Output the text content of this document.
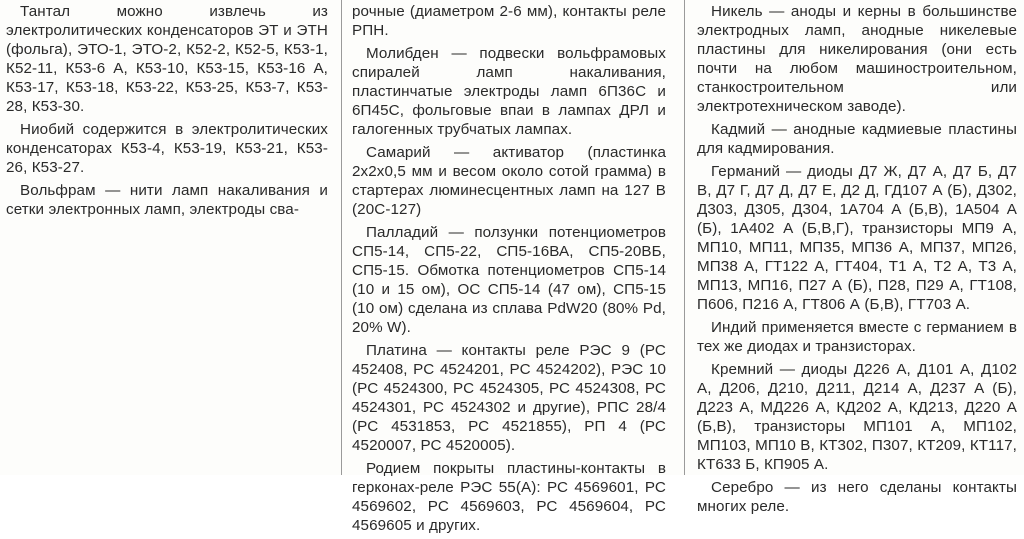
Тантал можно извлечь из электролитических конденсаторов ЭТ и ЭТН (фольга), ЭТО-1, ЭТО-2, К52-2, К52-5, К53-1, К52-11, К53-6 А, К53-10, К53-15, К53-16 А, К53-17, К53-18, К53-22, К53-25, К53-7, К53-28, К53-30.

Ниобий содержится в электролитических конденсаторах К53-4, К53-19, К53-21, К53-26, К53-27.

Вольфрам — нити ламп накаливания и сетки электронных ламп, электроды сва-

рочные (диаметром 2-6 мм), контакты реле РПН.

Молибден — подвески вольфрамовых спиралей ламп накаливания, пластинчатые электроды ламп 6П36С и 6П45С, фольговые впаи в лампах ДРЛ и галогенных трубчатых лампах.

Самарий — активатор (пластинка 2x2x0,5 мм и весом около сотой грамма) в стартерах люминесцентных ламп на 127 В (20С-127)

Палладий — ползунки потенциометров СП5-14, СП5-22, СП5-16ВА, СП5-20ВБ, СП5-15. Обмотка потенциометров СП5-14 (10 и 15 ом), ОС СП5-14 (47 ом), СП5-15 (10 ом) сделана из сплава PdW20 (80% Pd, 20% W).

Платина — контакты реле РЭС 9 (РС 452408, РС 4524201, РС 4524202), РЭС 10 (РС 4524300, РС 4524305, РС 4524308, РС 4524301, РС 4524302 и другие), РПС 28/4 (РС 4531853, РС 4521855), РП 4 (РС 4520007, РС 4520005).

Родием покрыты пластины-контакты в герконах-реле РЭС 55(А): РС 4569601, РС 4569602, РС 4569603, РС 4569604, РС 4569605 и других.

Никель — аноды и керны в большинстве электродных ламп, анодные никелевые пластины для никелирования (они есть почти на любом машиностроительном, станкостроительном или электротехническом заводе).

Кадмий — анодные кадмиевые пластины для кадмирования.

Германий — диоды Д7 Ж, Д7 А, Д7 Б, Д7 В, Д7 Г, Д7 Д, Д7 Е, Д2 Д, ГД107 А (Б), Д302, Д303, Д305, Д304, 1А704 А (Б,В), 1А504 А (Б), 1А402 А (Б,В,Г), транзисторы МП9 А, МП10, МП11, МП35, МП36 А, МП37, МП26, МП38 А, ГТ122 А, ГТ404, Т1 А, Т2 А, Т3 А, МП13, МП16, П27 А (Б), П28, П29 А, ГТ108, П606, П216 А, ГТ806 А (Б,В), ГТ703 А.

Индий применяется вместе с германием в тех же диодах и транзисторах.

Кремний — диоды Д226 А, Д101 А, Д102 А, Д206, Д210, Д211, Д214 А, Д237 А (Б), Д223 А, МД226 А, КД202 А, КД213, Д220 А (Б,В), транзисторы МП101 А, МП102, МП103, МП10 В, КТ302, П307, КТ209, КТ117, КТ633 Б, КП905 А.

Серебро — из него сделаны контакты многих реле.
